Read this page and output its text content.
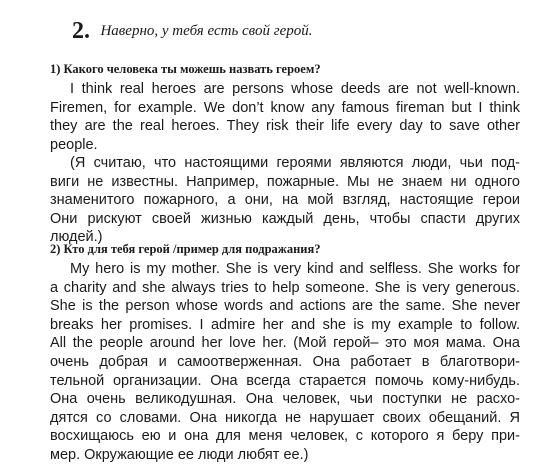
2. Наверно, у тебя есть свой герой.
1) Какого человека ты можешь назвать героем?
I think real heroes are persons whose deeds are not well-known.
Firemen, for example. We don’t know any famous fireman but I think
they are the real heroes. They risk their life every day to save other
people.
(Я считаю, что настоящими героями являются люди, чьи под-
виги не известны. Например, пожарные. Мы не знаем ни одного
знаменитого пожарного, а они, на мой взгляд, настоящие герои
Они рискуют своей жизнью каждый день, чтобы спасти других
людей.)
2) Кто для тебя герой /пример для подражания?
My hero is my mother. She is very kind and selfless. She works for
a charity and she always tries to help someone. She is very generous.
She is the person whose words and actions are the same. She never
breaks her promises. I admire her and she is my example to follow.
All the people around her love her. (Мой герой– это моя мама. Она
очень добрая и самоотверженная. Она работает в благотвори-
тельной организации. Она всегда старается помочь кому-нибудь.
Она очень великодушная. Она человек, чьи поступки не расхо-
дятся со словами. Она никогда не нарушает своих обещаний. Я
восхищаюсь ею и она для меня человек, с которого я беру при-
мер. Окружающие ее люди любят ее.)
